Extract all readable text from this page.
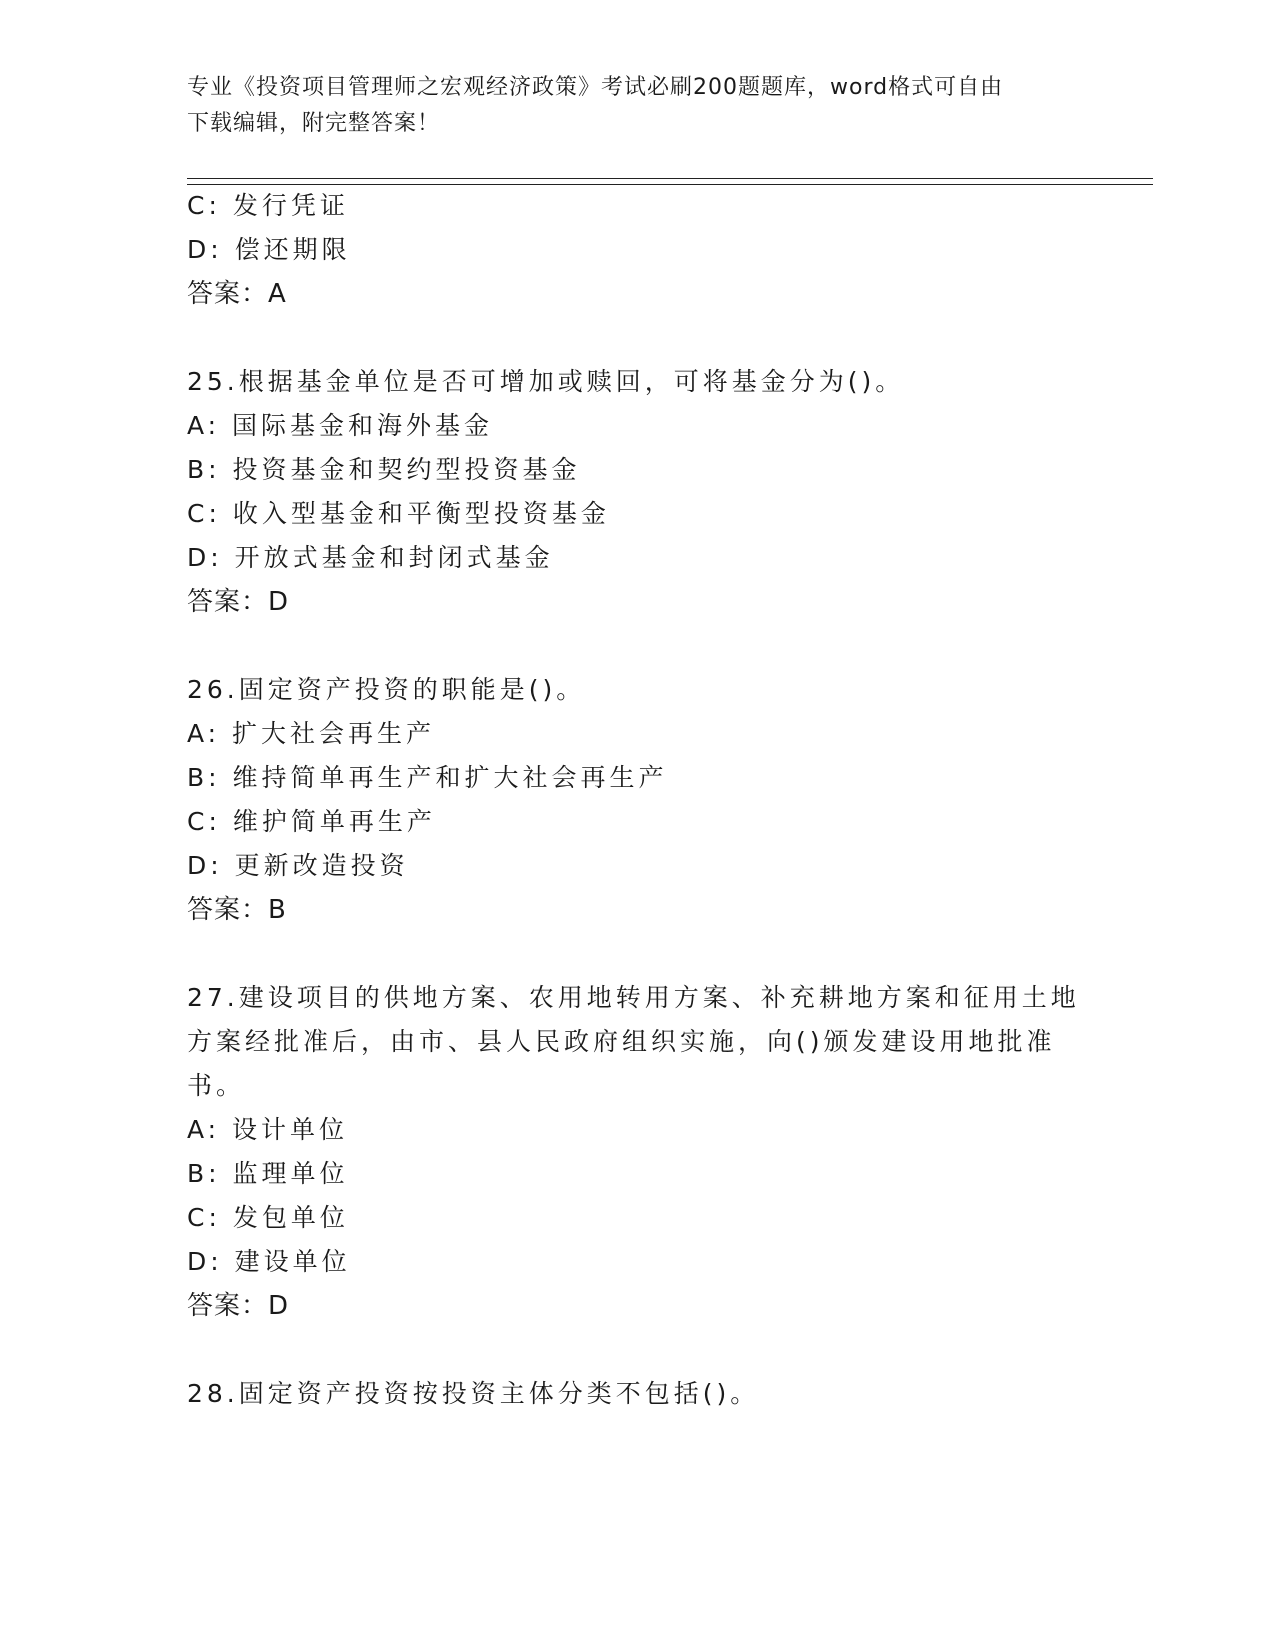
专业《投资项目管理师之宏观经济政策》考试必刷200题题库，word格式可自由
下载编辑，附完整答案！
C: 发行凭证
D: 偿还期限
答案：A
25.根据基金单位是否可增加或赎回，可将基金分为()。
A: 国际基金和海外基金
B: 投资基金和契约型投资基金
C: 收入型基金和平衡型投资基金
D: 开放式基金和封闭式基金
答案：D
26.固定资产投资的职能是()。
A: 扩大社会再生产
B: 维持简单再生产和扩大社会再生产
C: 维护简单再生产
D: 更新改造投资
答案：B
27.建设项目的供地方案、农用地转用方案、补充耕地方案和征用土地
方案经批准后，由市、县人民政府组织实施，向()颁发建设用地批准
书。
A: 设计单位
B: 监理单位
C: 发包单位
D: 建设单位
答案：D
28.固定资产投资按投资主体分类不包括()。
